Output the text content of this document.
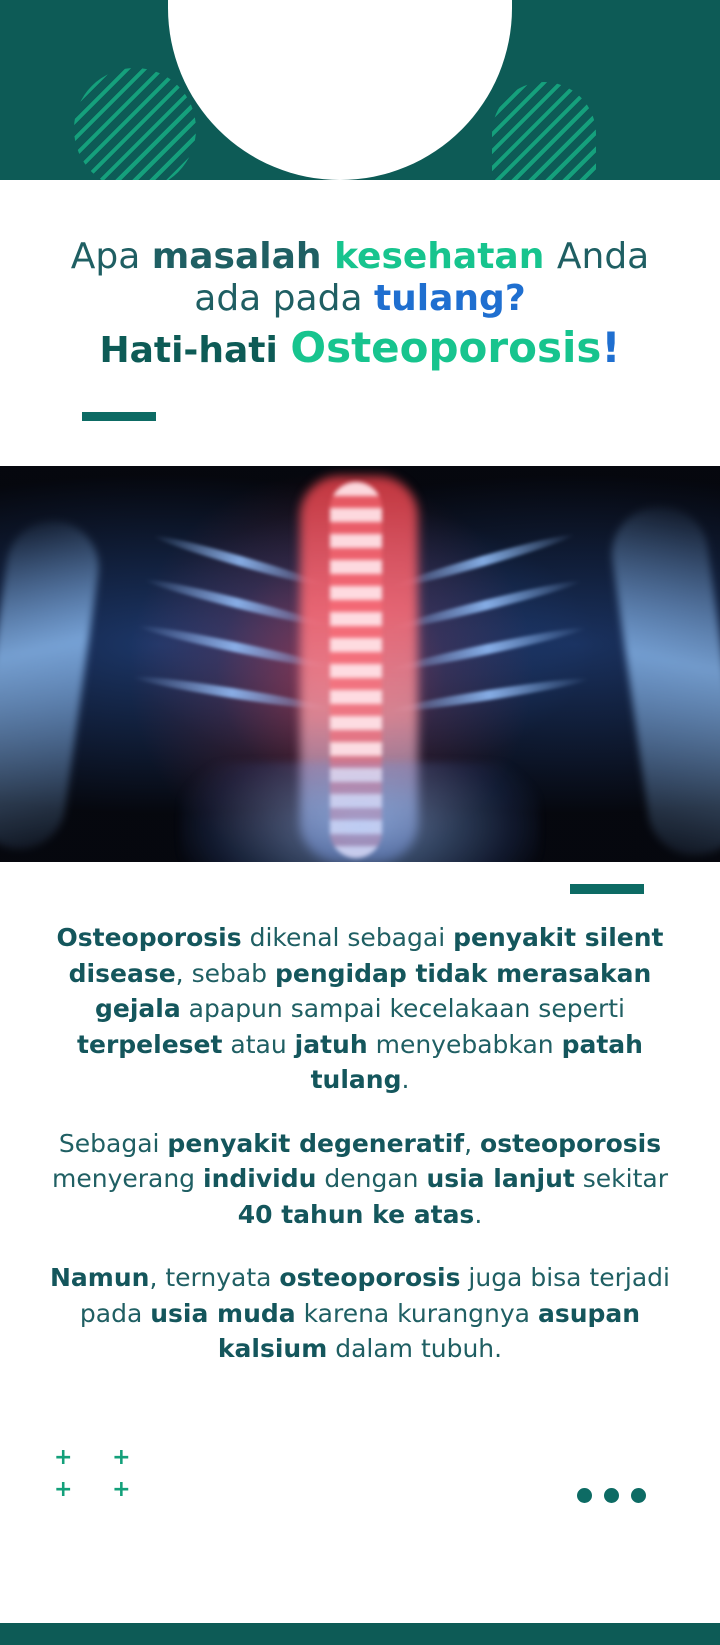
Apa masalah kesehatan Anda
ada pada tulang?
Hati-hati Osteoporosis!

Osteoporosis dikenal sebagai penyakit silent disease, sebab pengidap tidak merasakan gejala apapun sampai kecelakaan seperti terpeleset atau jatuh menyebabkan patah tulang.

Sebagai penyakit degeneratif, osteoporosis menyerang individu dengan usia lanjut sekitar 40 tahun ke atas.

Namun, ternyata osteoporosis juga bisa terjadi pada usia muda karena kurangnya asupan kalsium dalam tubuh.

+ +
+ +
